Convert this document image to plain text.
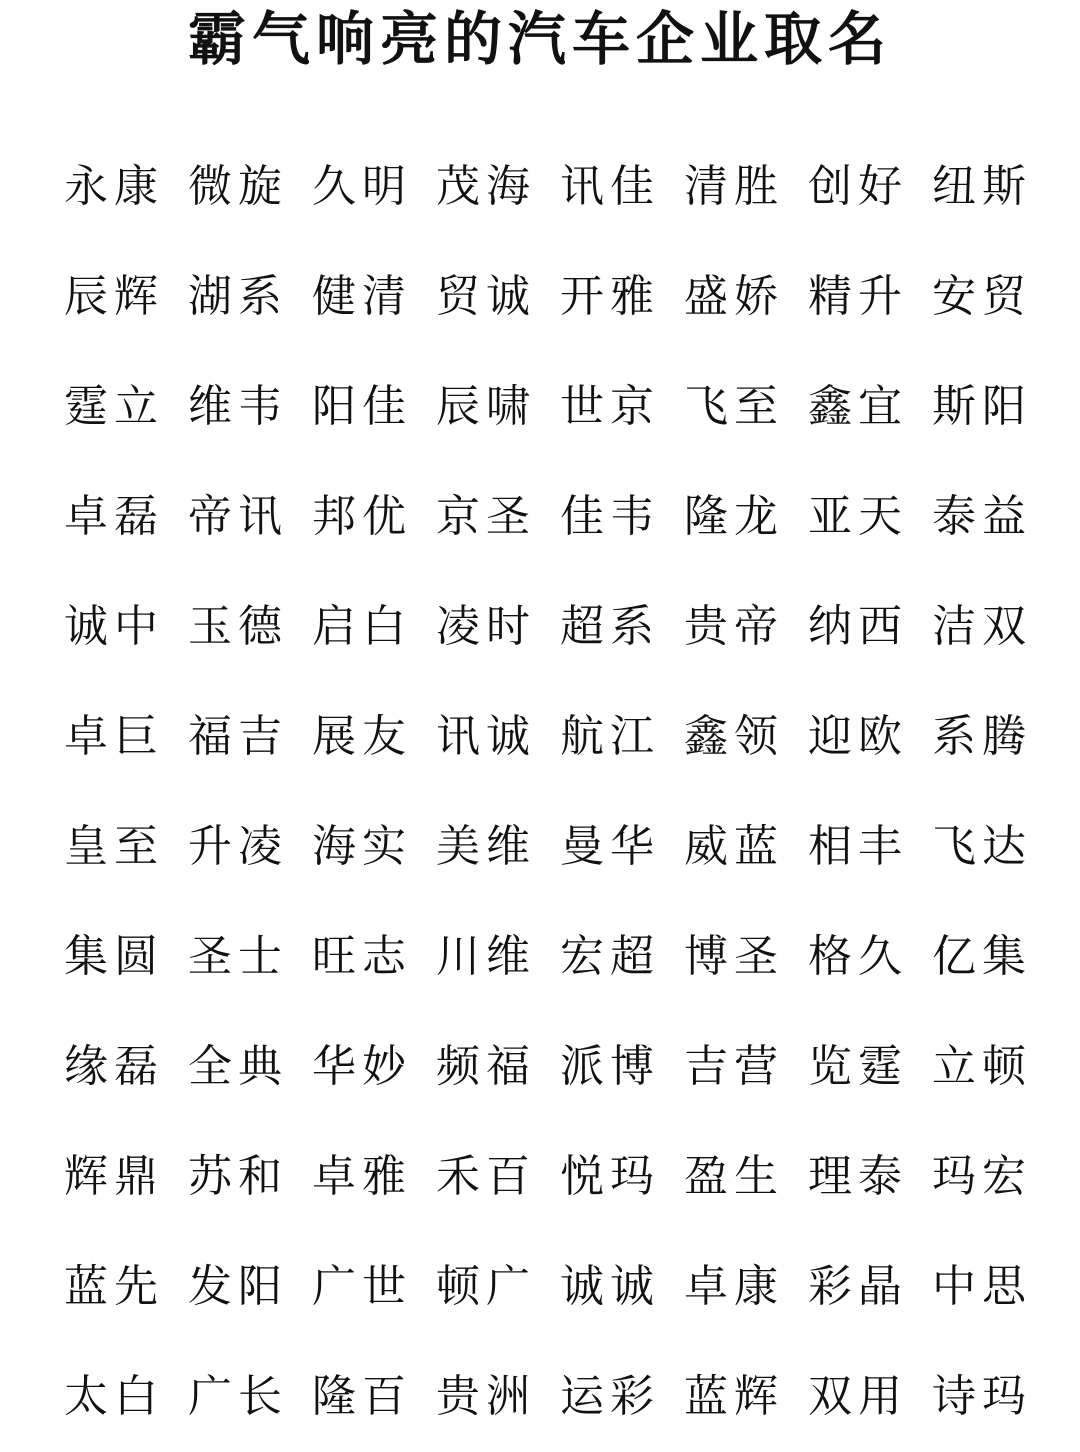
霸气响亮的汽车企业取名
永康 微旋 久明 茂海 讯佳 清胜 创好 纽斯
辰辉 湖系 健清 贸诚 开雅 盛娇 精升 安贸
霆立 维韦 阳佳 辰啸 世京 飞至 鑫宜 斯阳
卓磊 帝讯 邦优 京圣 佳韦 隆龙 亚天 泰益
诚中 玉德 启白 凌时 超系 贵帝 纳西 洁双
卓巨 福吉 展友 讯诚 航江 鑫领 迎欧 系腾
皇至 升凌 海实 美维 曼华 威蓝 相丰 飞达
集圆 圣士 旺志 川维 宏超 博圣 格久 亿集
缘磊 全典 华妙 频福 派博 吉营 览霆 立顿
辉鼎 苏和 卓雅 禾百 悦玛 盈生 理泰 玛宏
蓝先 发阳 广世 顿广 诚诚 卓康 彩晶 中思
太白 广长 隆百 贵洲 运彩 蓝辉 双用 诗玛
